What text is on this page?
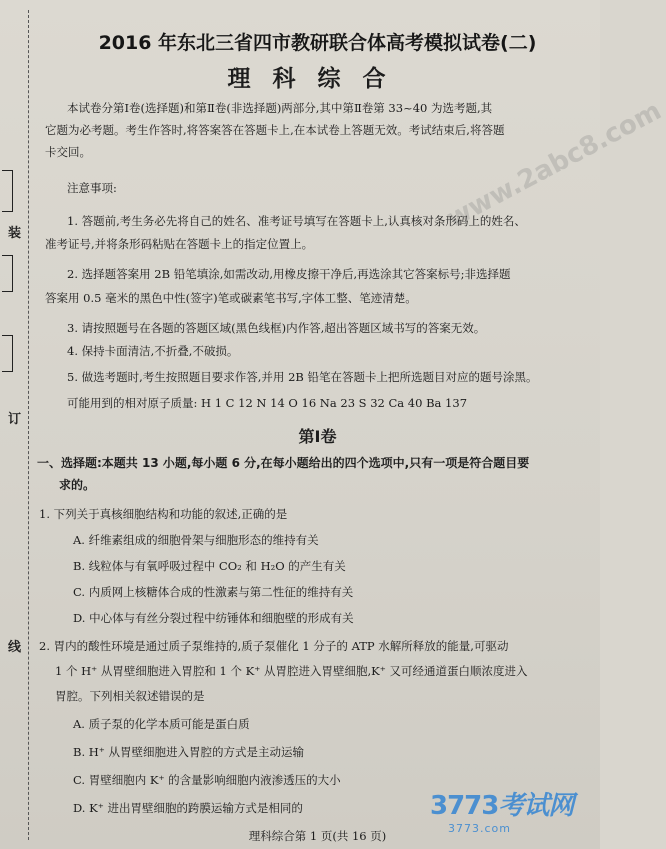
装
订
线
2016 年东北三省四市教研联合体高考模拟试卷(二)
理科综合
www.2abc8.com
本试卷分第Ⅰ卷(选择题)和第Ⅱ卷(非选择题)两部分,其中第Ⅱ卷第 33~40 为选考题,其
它题为必考题。考生作答时,将答案答在答题卡上,在本试卷上答题无效。考试结束后,将答题
卡交回。
注意事项:
1. 答题前,考生务必先将自己的姓名、准考证号填写在答题卡上,认真核对条形码上的姓名、
准考证号,并将条形码粘贴在答题卡上的指定位置上。
2. 选择题答案用 2B 铅笔填涂,如需改动,用橡皮擦干净后,再选涂其它答案标号;非选择题
答案用 0.5 毫米的黑色中性(签字)笔或碳素笔书写,字体工整、笔迹清楚。
3. 请按照题号在各题的答题区域(黑色线框)内作答,超出答题区域书写的答案无效。
4. 保持卡面清洁,不折叠,不破损。
5. 做选考题时,考生按照题目要求作答,并用 2B 铅笔在答题卡上把所选题目对应的题号涂黑。
可能用到的相对原子质量: H 1 C 12 N 14 O 16 Na 23 S 32 Ca 40 Ba 137
第Ⅰ卷
一、选择题:本题共 13 小题,每小题 6 分,在每小题给出的四个选项中,只有一项是符合题目要
求的。
1. 下列关于真核细胞结构和功能的叙述,正确的是
A. 纤维素组成的细胞骨架与细胞形态的维持有关
B. 线粒体与有氧呼吸过程中 CO₂ 和 H₂O 的产生有关
C. 内质网上核糖体合成的性激素与第二性征的维持有关
D. 中心体与有丝分裂过程中纺锤体和细胞壁的形成有关
2. 胃内的酸性环境是通过质子泵维持的,质子泵催化 1 分子的 ATP 水解所释放的能量,可驱动
1 个 H⁺ 从胃壁细胞进入胃腔和 1 个 K⁺ 从胃腔进入胃壁细胞,K⁺ 又可经通道蛋白顺浓度进入
胃腔。下列相关叙述错误的是
A. 质子泵的化学本质可能是蛋白质
B. H⁺ 从胃壁细胞进入胃腔的方式是主动运输
C. 胃壁细胞内 K⁺ 的含量影响细胞内液渗透压的大小
D. K⁺ 进出胃壁细胞的跨膜运输方式是相同的
理科综合第 1 页(共 16 页)
3773考试网
3773.com
